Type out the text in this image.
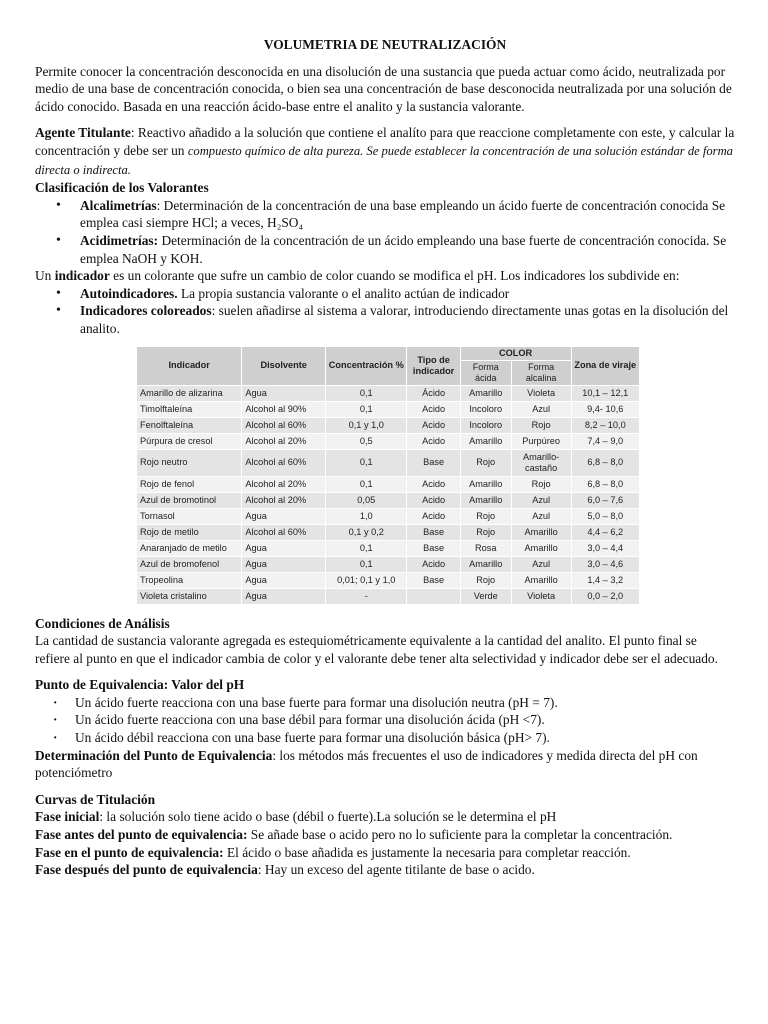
VOLUMETRIA DE NEUTRALIZACIÓN

Permite conocer la concentración desconocida en una disolución de una sustancia que pueda actuar como ácido, neutralizada por medio de una base de concentración conocida, o bien sea una concentración de base desconocida neutralizada por una solución de ácido conocido. Basada en una reacción ácido-base entre el analito y la sustancia valorante.

Agente Titulante: Reactivo añadido a la solución que contiene el analíto para que reaccione completamente con este, y calcular la concentración y debe ser un compuesto químico de alta pureza. Se puede establecer la concentración de una solución estándar de forma directa o indirecta.

Clasificación de los Valorantes

• Alcalimetrías: Determinación de la concentración de una base empleando un ácido fuerte de concentración conocida Se emplea casi siempre HCl; a veces, H₂SO₄
• Acidimetrías: Determinación de la concentración de un ácido empleando una base fuerte de concentración conocida. Se emplea NaOH y KOH.

Un indicador es un colorante que sufre un cambio de color cuando se modifica el pH. Los indicadores los subdivide en:

• Autoindicadores. La propia sustancia valorante o el analito actúan de indicador
• Indicadores coloreados: suelen añadirse al sistema a valorar, introduciendo directamente unas gotas en la disolución del analito.
Indicador	Disolvente	Concentración %	Tipo de indicador	COLOR		Zona de viraje
				Forma ácida	Forma alcalina	
Amarillo de alizarina	Agua	0,1	Ácido	Amarillo	Violeta	10,1 – 12,1
Timolftaleína	Alcohol al 90%	0,1	Acido	Incoloro	Azul	9,4- 10,6
Fenolftaleína	Alcohol al 60%	0,1 y 1,0	Acido	Incoloro	Rojo	8,2 – 10,0
Púrpura de cresol	Alcohol al 20%	0,5	Acido	Amarillo	Purpúreo	7,4 – 9,0
Rojo neutro	Alcohol al 60%	0,1	Base	Rojo	Amarillo-castaño	6,8 – 8,0
Rojo de fenol	Alcohol al 20%	0,1	Acido	Amarillo	Rojo	6,8 – 8,0
Azul de bromotinol	Alcohol al 20%	0,05	Acido	Amarillo	Azul	6,0 – 7,6
Tornasol	Agua	1,0	Acido	Rojo	Azul	5,0 – 8,0
Rojo de metilo	Alcohol al 60%	0,1 y 0,2	Base	Rojo	Amarillo	4,4 – 6,2
Anaranjado de metilo	Agua	0,1	Base	Rosa	Amarillo	3,0 – 4,4
Azul de bromofenol	Agua	0,1	Acido	Amarillo	Azul	3,0 – 4,6
Tropeolina	Agua	0,01; 0,1 y 1,0	Base	Rojo	Amarillo	1,4 – 3,2
Violeta cristalino	Agua	-		Verde	Violeta	0,0 – 2,0

Condiciones de Análisis

La cantidad de sustancia valorante agregada es estequiométricamente equivalente a la cantidad del analito. El punto final se refiere al punto en que el indicador cambia de color y el valorante debe tener alta selectividad y indicador debe ser el adecuado.

Punto de Equivalencia: Valor del pH

· Un ácido fuerte reacciona con una base fuerte para formar una disolución neutra (pH = 7).
· Un ácido fuerte reacciona con una base débil para formar una disolución ácida (pH <7).
· Un ácido débil reacciona con una base fuerte para formar una disolución básica (pH> 7).

Determinación del Punto de Equivalencia: los métodos más frecuentes el uso de indicadores y medida directa del pH con potenciómetro

Curvas de Titulación

Fase inicial: la solución solo tiene acido o base (débil o fuerte).La solución se le determina el pH

Fase antes del punto de equivalencia: Se añade base o acido pero no lo suficiente para la completar la concentración.

Fase en el punto de equivalencia: El ácido o base añadida es justamente la necesaria para completar reacción.

Fase después del punto de equivalencia: Hay un exceso del agente titilante de base o acido.
